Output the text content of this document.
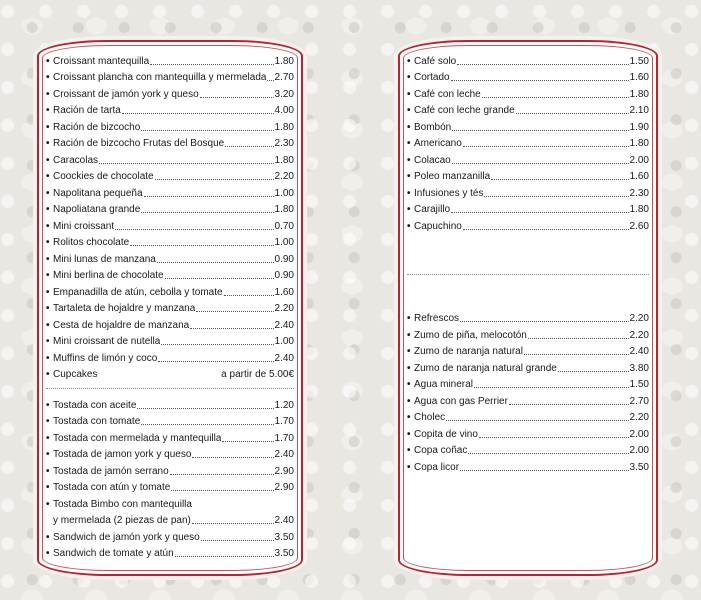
• Croissant mantequilla	1.80
• Croissant plancha con mantequilla y mermelada 2.70
• Croissant de jamón york y queso	3.20
• Ración de tarta	4.00
• Ración de bizcocho	1.80
• Ración de bizcocho Frutas del Bosque	2.30
• Caracolas	1.80
• Coockies de chocolate	2.20
• Napolitana pequeña	1.00
• Napoliatana grande	1.80
• Mini croissant	0.70
• Rolitos chocolate	1.00
• Mini lunas de manzana	0.90
• Mini berlina de chocolate	0.90
• Empanadilla de atún, cebolla y tomate	1.60
• Tartaleta de hojaldre y manzana	2.20
• Cesta de hojaldre de manzana	2.40
• Mini croissant de nutella	1.00
• Muffins de limón y coco	2.40
• Cupcakes	a partir de 5.00€
• Tostada con aceite	1.20
• Tostada con tomate	1.70
• Tostada con mermelada y mantequilla	1.70
• Tostada de jamon york y queso	2.40
• Tostada de jamón serrano	2.90
• Tostada con atún y tomate	2.90
• Tostada Bimbo con mantequilla
y mermelada (2 piezas de pan)	2.40
• Sandwich de jamón york y queso	3.50
• Sandwich de tomate y atún	3.50
• Café solo	1.50
• Cortado	1.60
• Café con leche	1.80
• Café con leche grande	2.10
• Bombón	1.90
• Americano	1.80
• Colacao	2.00
• Poleo manzanilla	1.60
• Infusiones y tés	2.30
• Carajillo	1.80
• Capuchino	2.60
• Refrescos	2.20
• Zumo de piña, melocotón	2.20
• Zumo de naranja natural	2.40
• Zumo de naranja natural grande	3.80
• Agua mineral	1.50
• Agua con gas Perrier	2.70
• Cholec	2.20
• Copita de vino	2.00
• Copa coñac	2.00
• Copa licor	3.50
